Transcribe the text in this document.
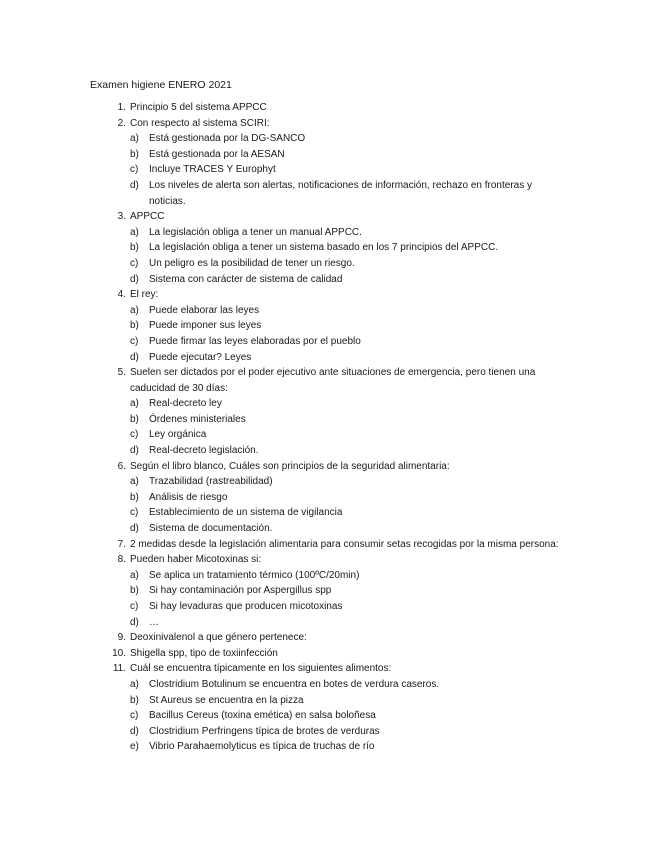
Examen higiene ENERO 2021
1. Principio 5 del sistema APPCC
2. Con respecto al sistema SCIRI:
a) Está gestionada por la DG-SANCO
b) Está gestionada por la AESAN
c) Incluye TRACES Y Europhyt
d) Los niveles de alerta son alertas, notificaciones de información, rechazo en fronteras y noticias.
3. APPCC
a) La legislación obliga a tener un manual APPCC.
b) La legislación obliga a tener un sistema basado en los 7 principios del APPCC.
c) Un peligro es la posibilidad de tener un riesgo.
d) Sistema con carácter de sistema de calidad
4. El rey:
a) Puede elaborar las leyes
b) Puede imponer sus leyes
c) Puede firmar las leyes elaboradas por el pueblo
d) Puede ejecutar? Leyes
5. Suelen ser dictados por el poder ejecutivo ante situaciones de emergencia, pero tienen una caducidad de 30 días:
a) Real-decreto ley
b) Órdenes ministeriales
c) Ley orgánica
d) Real-decreto legislación.
6. Según el libro blanco, Cuáles son principios de la seguridad alimentaria:
a) Trazabilidad (rastreabilidad)
b) Análisis de riesgo
c) Establecimiento de un sistema de vigilancia
d) Sistema de documentación.
7. 2 medidas desde la legislación alimentaria para consumir setas recogidas por la misma persona:
8. Pueden haber Micotoxinas si:
a) Se aplica un tratamiento térmico (100ºC/20min)
b) Si hay contaminación por Aspergillus spp
c) Si hay levaduras que producen micotoxinas
d) …
9. Deoxinivalenol a que género pertenece:
10. Shigella spp, tipo de toxiinfección
11. Cuál se encuentra típicamente en los siguientes alimentos:
a) Clostridium Botulinum se encuentra en botes de verdura caseros.
b) St Aureus se encuentra en la pizza
c) Bacillus Cereus (toxina emética) en salsa boloñesa
d) Clostridium Perfringens típica de brotes de verduras
e) Vibrio Parahaemolyticus es típica de truchas de río
